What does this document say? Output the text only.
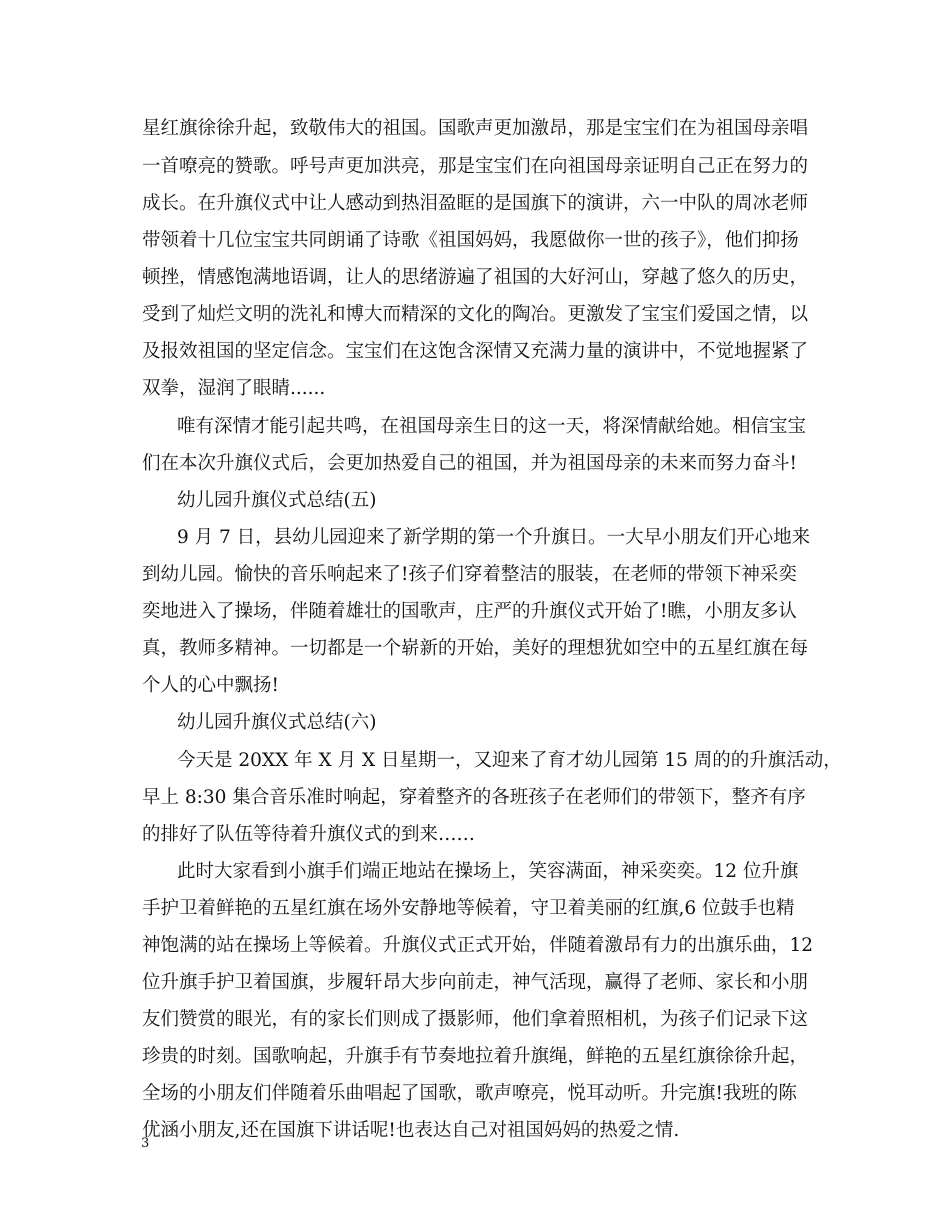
星红旗徐徐升起，致敬伟大的祖国。国歌声更加激昂，那是宝宝们在为祖国母亲唱
一首嘹亮的赞歌。呼号声更加洪亮，那是宝宝们在向祖国母亲证明自己正在努力的
成长。在升旗仪式中让人感动到热泪盈眶的是国旗下的演讲，六一中队的周冰老师
带领着十几位宝宝共同朗诵了诗歌《祖国妈妈，我愿做你一世的孩子》，他们抑扬
顿挫，情感饱满地语调，让人的思绪游遍了祖国的大好河山，穿越了悠久的历史，
受到了灿烂文明的洗礼和博大而精深的文化的陶冶。更激发了宝宝们爱国之情，以
及报效祖国的坚定信念。宝宝们在这饱含深情又充满力量的演讲中，不觉地握紧了
双拳，湿润了眼睛......
唯有深情才能引起共鸣，在祖国母亲生日的这一天，将深情献给她。相信宝宝
们在本次升旗仪式后，会更加热爱自己的祖国，并为祖国母亲的未来而努力奋斗!
幼儿园升旗仪式总结(五)
9 月 7 日，县幼儿园迎来了新学期的第一个升旗日。一大早小朋友们开心地来
到幼儿园。愉快的音乐响起来了!孩子们穿着整洁的服装，在老师的带领下神采奕
奕地进入了操场，伴随着雄壮的国歌声，庄严的升旗仪式开始了!瞧，小朋友多认
真，教师多精神。一切都是一个崭新的开始，美好的理想犹如空中的五星红旗在每
个人的心中飘扬!
幼儿园升旗仪式总结(六)
今天是 20XX 年 X 月 X 日星期一，又迎来了育才幼儿园第 15 周的的升旗活动，
早上 8:30 集合音乐准时响起，穿着整齐的各班孩子在老师们的带领下，整齐有序
的排好了队伍等待着升旗仪式的到来……
此时大家看到小旗手们端正地站在操场上，笑容满面，神采奕奕。12 位升旗
手护卫着鲜艳的五星红旗在场外安静地等候着，守卫着美丽的红旗,6 位鼓手也精
神饱满的站在操场上等候着。升旗仪式正式开始，伴随着激昂有力的出旗乐曲，12
位升旗手护卫着国旗，步履轩昂大步向前走，神气活现，赢得了老师、家长和小朋
友们赞赏的眼光，有的家长们则成了摄影师，他们拿着照相机，为孩子们记录下这
珍贵的时刻。国歌响起，升旗手有节奏地拉着升旗绳，鲜艳的五星红旗徐徐升起，
全场的小朋友们伴随着乐曲唱起了国歌，歌声嘹亮，悦耳动听。升完旗!我班的陈
优涵小朋友,还在国旗下讲话呢!也表达自己对祖国妈妈的热爱之情.
3
